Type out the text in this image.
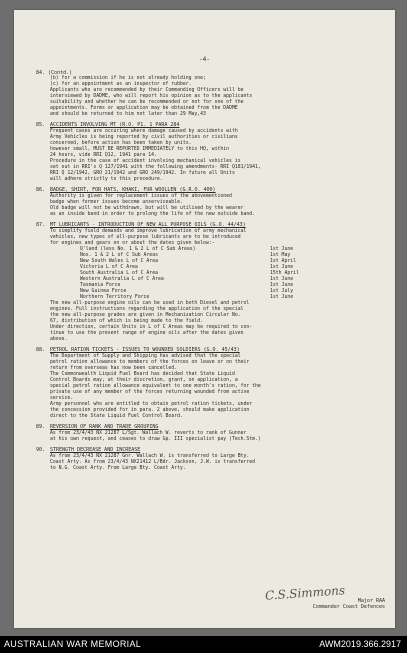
-4-
84. (Contd.)
(b) for a commission if he is not already holding one;
(c) for an appointment as an inspector of rubber.
Applicants who are recommended by their Commanding Officers will be
interviewed by DADME, who will report his opinion as to the applicants
suitability and whether he can be recommended or not for one of the
appointments. Forms or application may be obtained from the DADME
and should be returned to him not later than 29 May,43
85. ACCIDENTS INVOLVING MT (R.O. P1. 1 PARA 284
Frequent cases are occuring where damage caused by accidents with
Army Vehicles is being reported by civil authorities or civilians
concerned, before action has been taken by units.
however small, MUST BE REPORTED IMMEDIATELY to this HQ, within
24 hours, vide RRI Q12, 1941 para 14.
Procedure in the case of accident involving mechanical vehicles is
set out in RRI's Q 127/1941 with the following amendments- RRI Q181/1941,
RRI Q 12/1942, GRO 21/1942 and GRO 249/1942. In future all Units
will adhere strictly to this procedure.
86. BADGE, SHIRT, FOR HATS, KHAKI, FUR WOOLLEN (G.R.O. 400)
Authority is given for replacement issues of the abovementioned
badge when former issues become unserviceable.
Old badge will not be withdrawn, but will be utilised by the wearer
as an inside band in order to prolong the life of the new outside band.
87. MT LUBRICANTS - INTRODUCTION OF NEW ALL PURPOSE OILS (G.O. 44/43)
To simplify field demands and improve lubrication of army mechanical
vehicles, new types of all-purpose lubricants are to be introduced
for engines and gears on or about the dates given below:-
Q'land (less No. 1 & 2 L of C Sub Areas)	1st June
Nos. 1 & 2 L of C Sub Areas	1st May
New South Wales L of C Area	1st April
Victoria L of C Area	1st June
South Australia L of C Area	15th April
Western Australia L of C Area	1st June
Tasmania Force	1st June
New Guinea Force	1st July
Northern Territory Force	1st June
The new all-purpose engine oils can be used in both Diesel and petrol
engines. Full instructions regarding the application of the special
the new all-purpose grades are given in Mechanization Circular No.
67, distribution of which is being made to the field.
Under direction, certain Units in L of C Areas may be required to con-
tinue to use the present range of engine oils after the dates given
above.
88. PETROL RATION TICKETS - ISSUES TO WOUNDED SOLDIERS (G.O. 45/43)
The Department of Supply and Shipping has advised that the special
petrol ration allowance to members of the forces on leave or on their
return from overseas has now been cancelled.
The Commonwealth Liquid Fuel Board has decided that State Liquid
Control Boards may, at their discretion, grant, on application, a
special petrol ration allowance equivalent to one month's ration, for the
private use of any member of the forces returning wounded from active
service.
Army personnel who are entitled to obtain petrol ration tickets, under
the concession provided for in para. 2 above, should make application
direct to the State Liquid Fuel Control Board.
89. REVERSION OF RANK AND TRADE GROUPING
As from 23/4/43 NX 21287 L/Sgt. Wallach W. reverts to rank of Gunner
at his own request, and ceases to draw Gp. III specialist pay (Tech.Stm.)
90. STRENGTH DECREASE AND INCREASE
As from 23/4/43 NX 21287 Gnr. Wallach W. is transferred to Large Bty.
Coast Arty. As from 23/4/43 NX21412 L/Bdr. Jackson, J.W. is transferred
to N.G. Coast Arty. From Large Bty. Coast Arty.
C.S.Simmons	Major RAA
Commander Coast Defences
AUSTRALIAN WAR MEMORIAL	AWM2019.366.2917
